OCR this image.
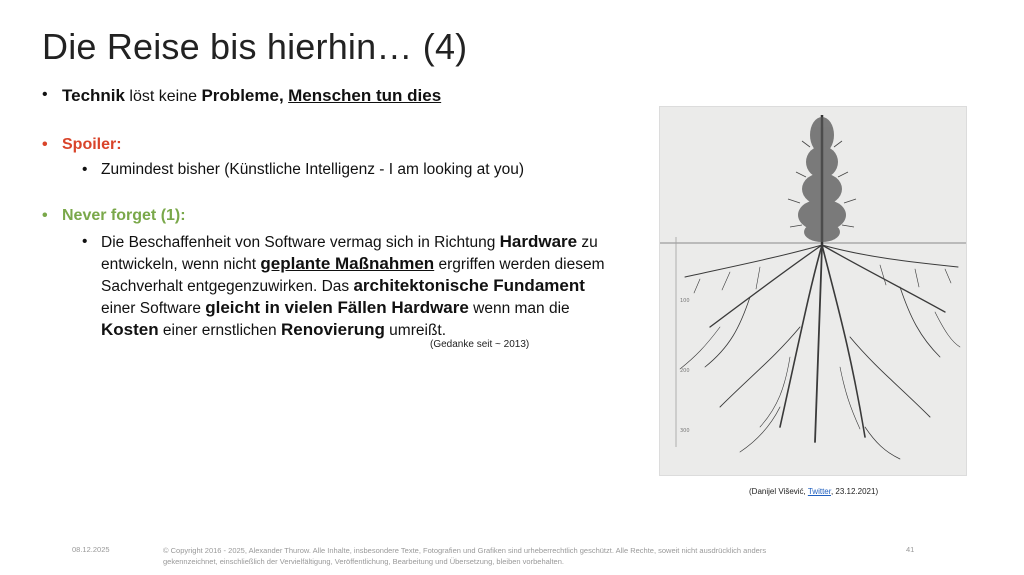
Die Reise bis hierhin… (4)
• Technik löst keine Probleme, Menschen tun dies
• Spoiler:
• Zumindest bisher (Künstliche Intelligenz - I am looking at you)
• Never forget (1):
• Die Beschaffenheit von Software vermag sich in Richtung Hardware zu
entwickeln, wenn nicht geplante Maßnahmen ergriffen werden diesem
Sachverhalt entgegenzuwirken. Das architektonische Fundament
einer Software gleicht in vielen Fällen Hardware wenn man die
Kosten einer ernstlichen Renovierung umreißt.
(Gedanke seit ~ 2013)
100
200
300
(Danijel Višević, Twitter, 23.12.2021)
08.12.2025	© Copyright 2016 - 2025, Alexander Thurow. Alle Inhalte, insbesondere Texte, Fotografien und Grafiken sind urheberrechtlich geschützt. Alle Rechte, soweit nicht ausdrücklich anders
gekennzeichnet, einschließlich der Vervielfältigung, Veröffentlichung, Bearbeitung und Übersetzung, bleiben vorbehalten.
41
